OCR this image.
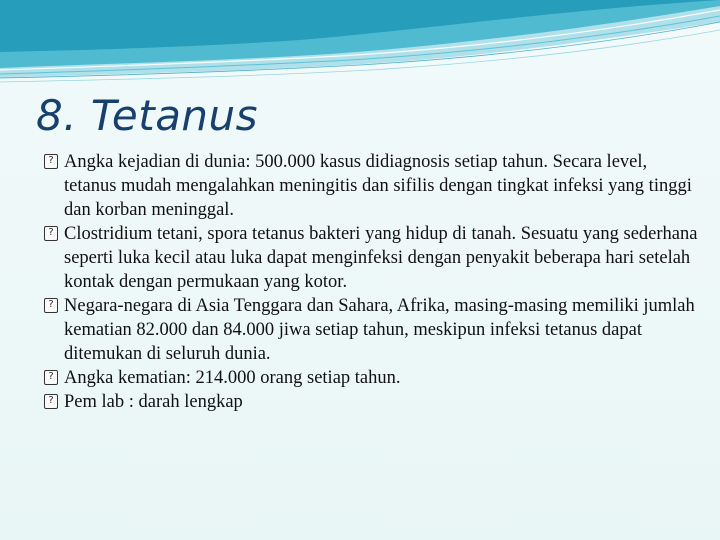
8. Tetanus
? Angka kejadian di dunia: 500.000 kasus didiagnosis setiap tahun. Secara level, tetanus mudah mengalahkan meningitis dan sifilis dengan tingkat infeksi yang tinggi dan korban meninggal.
? Clostridium tetani, spora tetanus bakteri yang hidup di tanah. Sesuatu yang sederhana seperti luka kecil atau luka dapat menginfeksi dengan penyakit beberapa hari setelah kontak dengan permukaan yang kotor.
? Negara-negara di Asia Tenggara dan Sahara, Afrika, masing-masing memiliki jumlah kematian 82.000 dan 84.000 jiwa setiap tahun, meskipun infeksi tetanus dapat ditemukan di seluruh dunia.
? Angka kematian: 214.000 orang setiap tahun.
? Pem lab : darah lengkap
